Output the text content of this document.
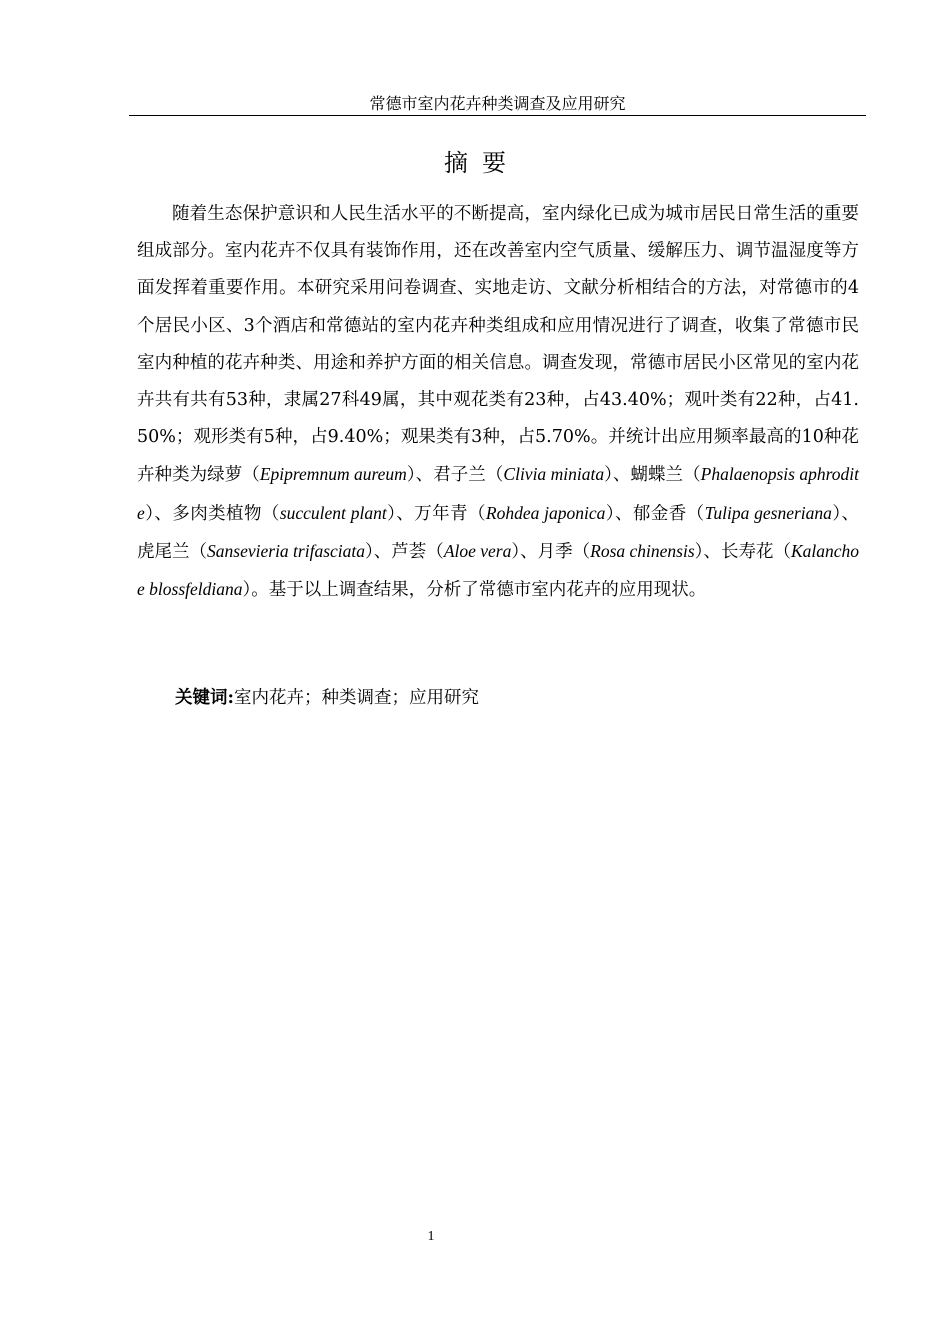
常德市室内花卉种类调查及应用研究
摘要

随着生态保护意识和人民生活水平的不断提高，室内绿化已成为城市居民日常生活的重要组成部分。室内花卉不仅具有装饰作用，还在改善室内空气质量、缓解压力、调节温湿度等方面发挥着重要作用。本研究采用问卷调查、实地走访、文献分析相结合的方法，对常德市的4个居民小区、3个酒店和常德站的室内花卉种类组成和应用情况进行了调查，收集了常德市民室内种植的花卉种类、用途和养护方面的相关信息。调查发现，常德市居民小区常见的室内花卉共有共有53种，隶属27科49属，其中观花类有23种，占43.40%；观叶类有22种，占41.50%；观形类有5种，占9.40%；观果类有3种，占5.70%。并统计出应用频率最高的10种花卉种类为绿萝（Epipremnum aureum）、君子兰（Clivia miniata）、蝴蝶兰（Phalaenopsis aphrodite）、多肉类植物（succulent plant）、万年青（Rohdea japonica）、郁金香（Tulipa gesneriana）、虎尾兰（Sansevieria trifasciata）、芦荟（Aloe vera）、月季（Rosa chinensis）、长寿花（Kalanchoe blossfeldiana）。基于以上调查结果，分析了常德市室内花卉的应用现状。

关键词:室内花卉；种类调查；应用研究

1
